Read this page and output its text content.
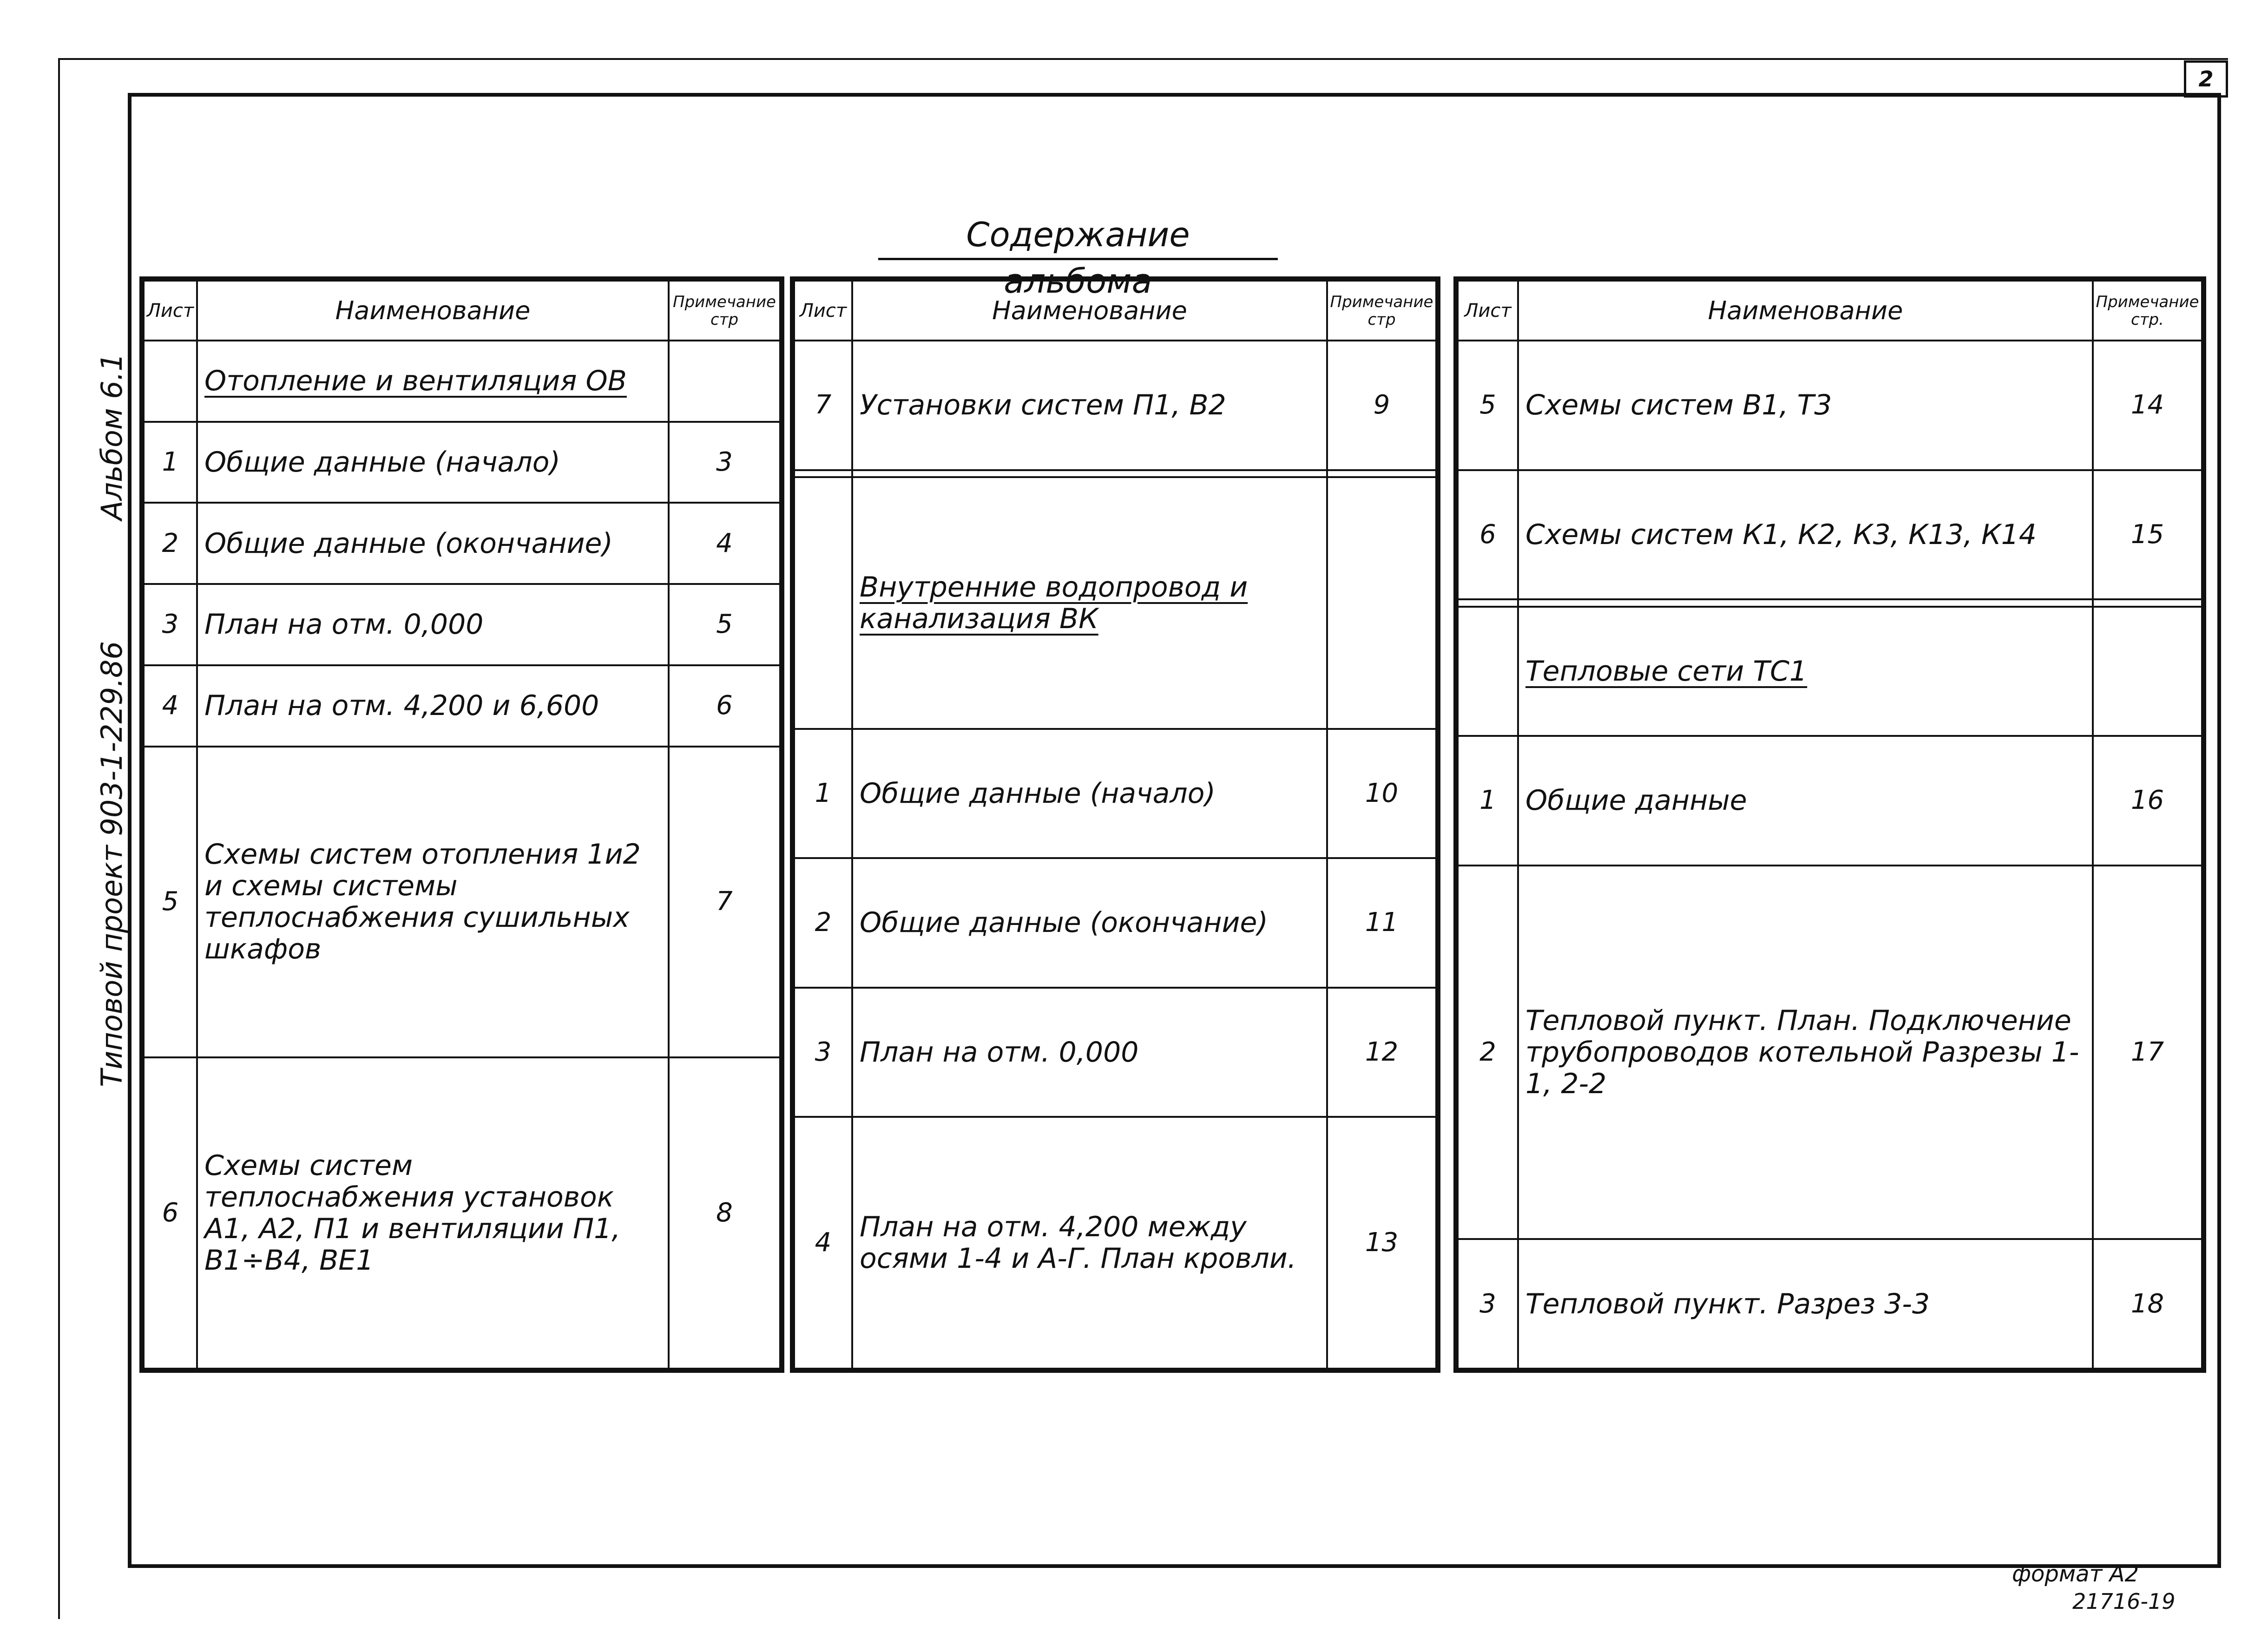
2
Альбом 6.1
Типовой проект 903-1-229.86
Содержание альбома
Лист	Наименование	Примечание стр
	Отопление и вентиляция ОВ	
1	Общие данные (начало)	3
2	Общие данные (окончание)	4
3	План на отм. 0,000	5
4	План на отм. 4,200 и 6,600	6
5	Схемы систем отопления 1и2 и схемы системы теплоснабжения сушильных шкафов	7
6	Схемы систем теплоснабжения установок А1, А2, П1 и вентиляции П1, В1÷В4, ВЕ1	8
Лист	Наименование	Примечание стр
7	Установки систем П1, В2	9

	Внутренние водопровод и канализация ВК	
1	Общие данные (начало)	10
2	Общие данные (окончание)	11
3	План на отм. 0,000	12
4	План на отм. 4,200 между осями 1-4 и А-Г. План кровли.	13
Лист	Наименование	Примечание стр.
5	Схемы систем В1, Т3	14
6	Схемы систем К1, К2, К3, К13, К14	15

	Тепловые сети ТС1	
1	Общие данные	16
2	Тепловой пункт. План. Подключение трубопроводов котельной Разрезы 1-1, 2-2	17
3	Тепловой пункт. Разрез 3-3	18
формат А2
21716-19
